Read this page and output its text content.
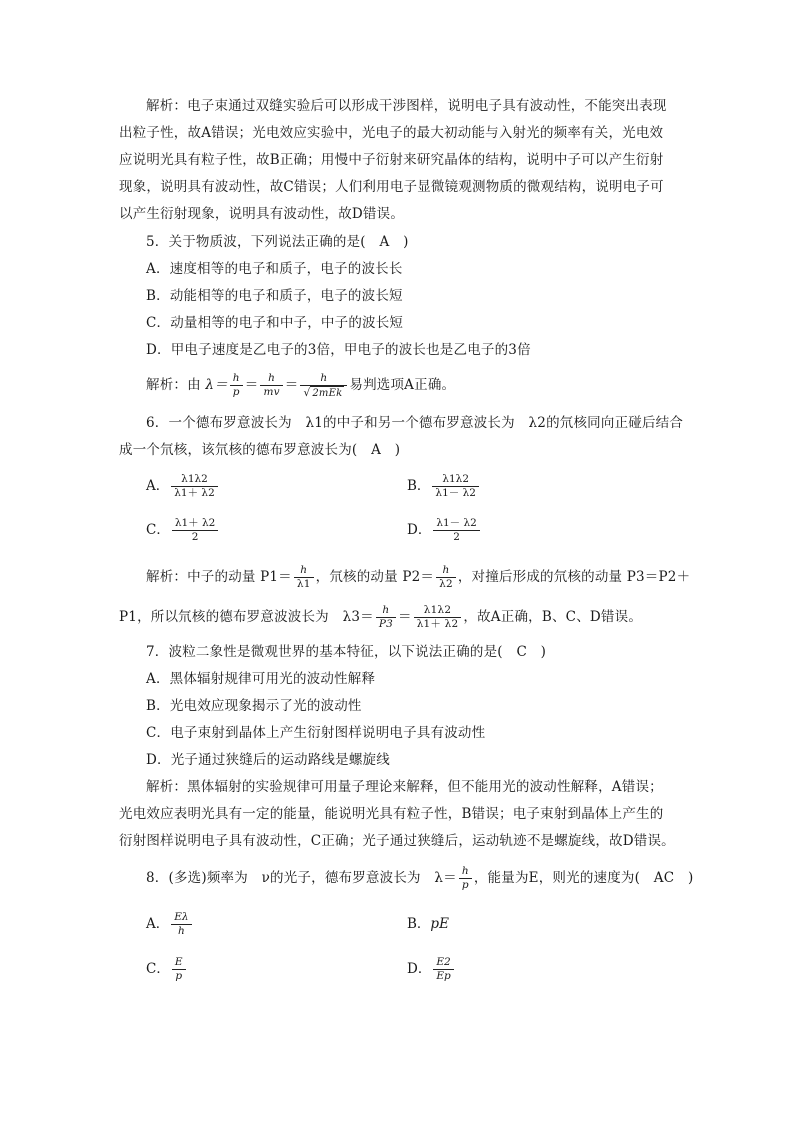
解析：电子束通过双缝实验后可以形成干涉图样，说明电子具有波动性，不能突出表现
出粒子性，故A错误；光电效应实验中，光电子的最大初动能与入射光的频率有关，光电效
应说明光具有粒子性，故B正确；用慢中子衍射来研究晶体的结构，说明中子可以产生衍射
现象，说明具有波动性，故C错误；人们利用电子显微镜观测物质的微观结构，说明电子可
以产生衍射现象，说明具有波动性，故D错误。
5．关于物质波，下列说法正确的是(　A　)
A．速度相等的电子和质子，电子的波长长
B．动能相等的电子和质子，电子的波长短
C．动量相等的电子和中子，中子的波长短
D．甲电子速度是乙电子的3倍，甲电子的波长也是乙电子的3倍
解析：由 $\lambda= \frac{h}{p} = \frac{h}{mv} = \frac{h}{\text{√ 2mEk}}$ 易判选项A正确。
6．一个德布罗意波长为　λ1的中子和另一个德布罗意波长为　λ2的氘核同向正碰后结合
成一个氘核，该氘核的德布罗意波长为(　A　)
A． $\frac{\lambda 1\lambda 2}{\lambda 1+ \lambda 2}$	B． $\frac{\lambda 1\lambda 2}{\lambda 1- \lambda 2}$
C． $\frac{\lambda 1+ \lambda 2}{2}$	D． $\frac{\lambda 1- \lambda 2}{2}$
解析：中子的动量 $P1= \frac{h}{\lambda 1}$ ，氘核的动量 $P2= \frac{h}{\lambda 2}$ ，对撞后形成的氘核的动量 P3＝P2＋
P1，所以氘核的德布罗意波波长为　$\lambda 3= \frac{h}{P3} = \frac{\lambda 1\lambda 2}{\lambda 1+ \lambda 2}$ ，故A正确，B、C、D错误。
7．波粒二象性是微观世界的基本特征，以下说法正确的是(　C　)
A．黑体辐射规律可用光的波动性解释
B．光电效应现象揭示了光的波动性
C．电子束射到晶体上产生衍射图样说明电子具有波动性
D．光子通过狭缝后的运动路线是螺旋线
解析：黑体辐射的实验规律可用量子理论来解释，但不能用光的波动性解释，A错误；
光电效应表明光具有一定的能量，能说明光具有粒子性，B错误；电子束射到晶体上产生的
衍射图样说明电子具有波动性，C正确；光子通过狭缝后，运动轨迹不是螺旋线，故D错误。
8．(多选)频率为　ν的光子，德布罗意波长为　$\lambda= \frac{h}{p}$ ，能量为E，则光的速度为(　AC　)
A． $\frac{E\lambda}{h}$	B．pE
C． $\frac{E}{p}$	D． $\frac{E2}{Ep}$
